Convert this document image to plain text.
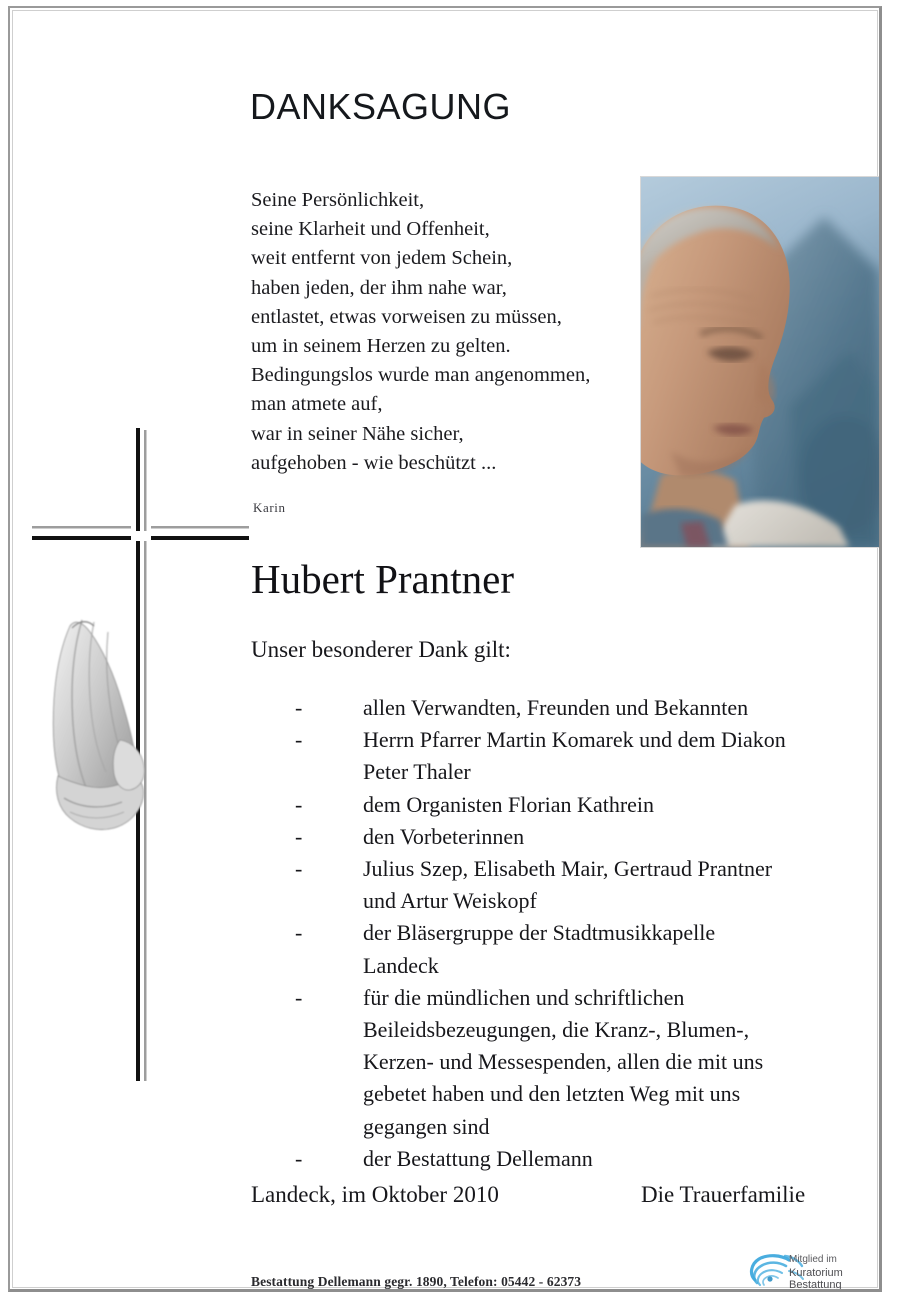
DANKSAGUNG
Seine Persönlichkeit,
seine Klarheit und Offenheit,
weit entfernt von jedem Schein,
haben jeden, der ihm nahe war,
entlastet, etwas vorweisen zu müssen,
um in seinem Herzen zu gelten.
Bedingungslos wurde man angenommen,
man atmete auf,
war in seiner Nähe sicher,
aufgehoben - wie beschützt ...
Karin
Hubert Prantner
Unser besonderer Dank gilt:
-	allen Verwandten, Freunden und Bekannten
-	Herrn Pfarrer Martin Komarek und dem Diakon
Peter Thaler
-	dem Organisten Florian Kathrein
-	den Vorbeterinnen
-	Julius Szep, Elisabeth Mair, Gertraud Prantner
und Artur Weiskopf
-	der Bläsergruppe der Stadtmusikkapelle
Landeck
-	für die mündlichen und schriftlichen
Beileidsbezeugungen, die Kranz-, Blumen-,
Kerzen- und Messespenden, allen die mit uns
gebetet haben und den letzten Weg mit uns
gegangen sind
-	der Bestattung Dellemann
Landeck, im Oktober 2010	Die Trauerfamilie
Bestattung Dellemann gegr. 1890, Telefon: 05442 - 62373
Mitglied im
Kuratorium Bestattung
